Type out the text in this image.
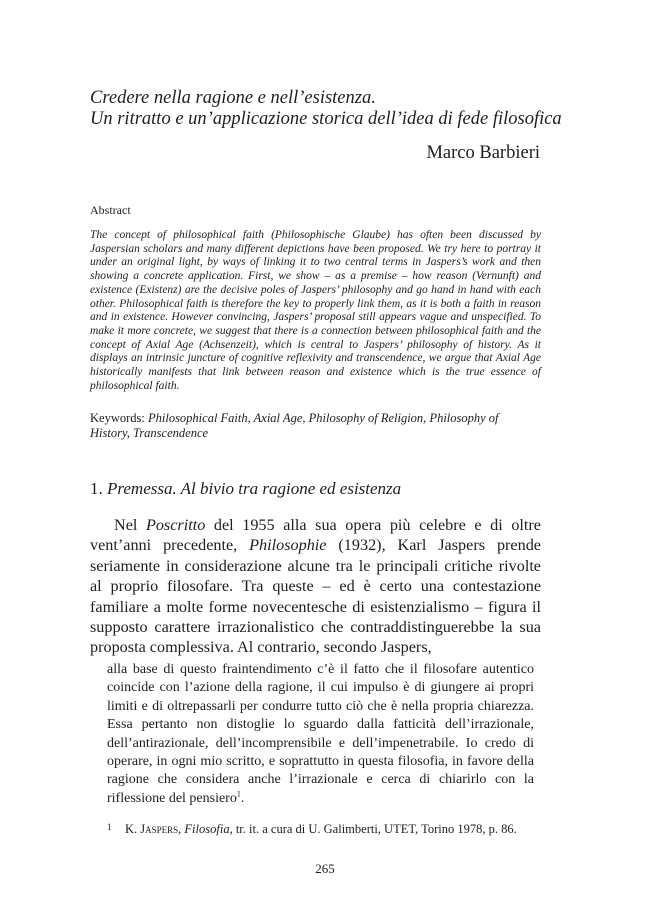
Credere nella ragione e nell’esistenza.
Un ritratto e un’applicazione storica dell’idea di fede filosofica
Marco Barbieri
Abstract
The concept of philosophical faith (Philosophische Glaube) has often been discussed by Jaspersian scholars and many different depictions have been proposed. We try here to portray it under an original light, by ways of linking it to two central terms in Jaspers’s work and then showing a concrete application. First, we show – as a premise – how reason (Vernunft) and existence (Existenz) are the decisive poles of Jaspers’ philosophy and go hand in hand with each other. Philosophical faith is therefore the key to properly link them, as it is both a faith in reason and in existence. However convincing, Jaspers’ proposal still appears vague and unspecified. To make it more concrete, we suggest that there is a connection between philosophical faith and the concept of Axial Age (Achsenzeit), which is central to Jaspers’ philosophy of history. As it displays an intrinsic juncture of cognitive reflexivity and transcendence, we argue that Axial Age historically manifests that link between reason and existence which is the true essence of philosophical faith.
Keywords: Philosophical Faith, Axial Age, Philosophy of Religion, Philosophy of History, Transcendence
1. Premessa. Al bivio tra ragione ed esistenza
Nel Poscritto del 1955 alla sua opera più celebre e di oltre vent’anni precedente, Philosophie (1932), Karl Jaspers prende seriamente in considerazione alcune tra le principali critiche rivolte al proprio filosofare. Tra queste – ed è certo una contestazione familiare a molte forme novecentesche di esistenzialismo – figura il supposto carattere irrazionalistico che contraddistinguerebbe la sua proposta complessiva. Al contrario, secondo Jaspers,
alla base di questo fraintendimento c’è il fatto che il filosofare autentico coincide con l’azione della ragione, il cui impulso è di giungere ai propri limiti e di oltrepassarli per condurre tutto ciò che è nella propria chiarezza. Essa pertanto non distoglie lo sguardo dalla fatticità dell’irrazionale, dell’antirazionale, dell’incomprensibile e dell’impenetrabile. Io credo di operare, in ogni mio scritto, e soprattutto in questa filosofia, in favore della ragione che considera anche l’irrazionale e cerca di chiarirlo con la riflessione del pensiero$^1$.
1 K. Jaspers, Filosofia, tr. it. a cura di U. Galimberti, UTET, Torino 1978, p. 86.
265
